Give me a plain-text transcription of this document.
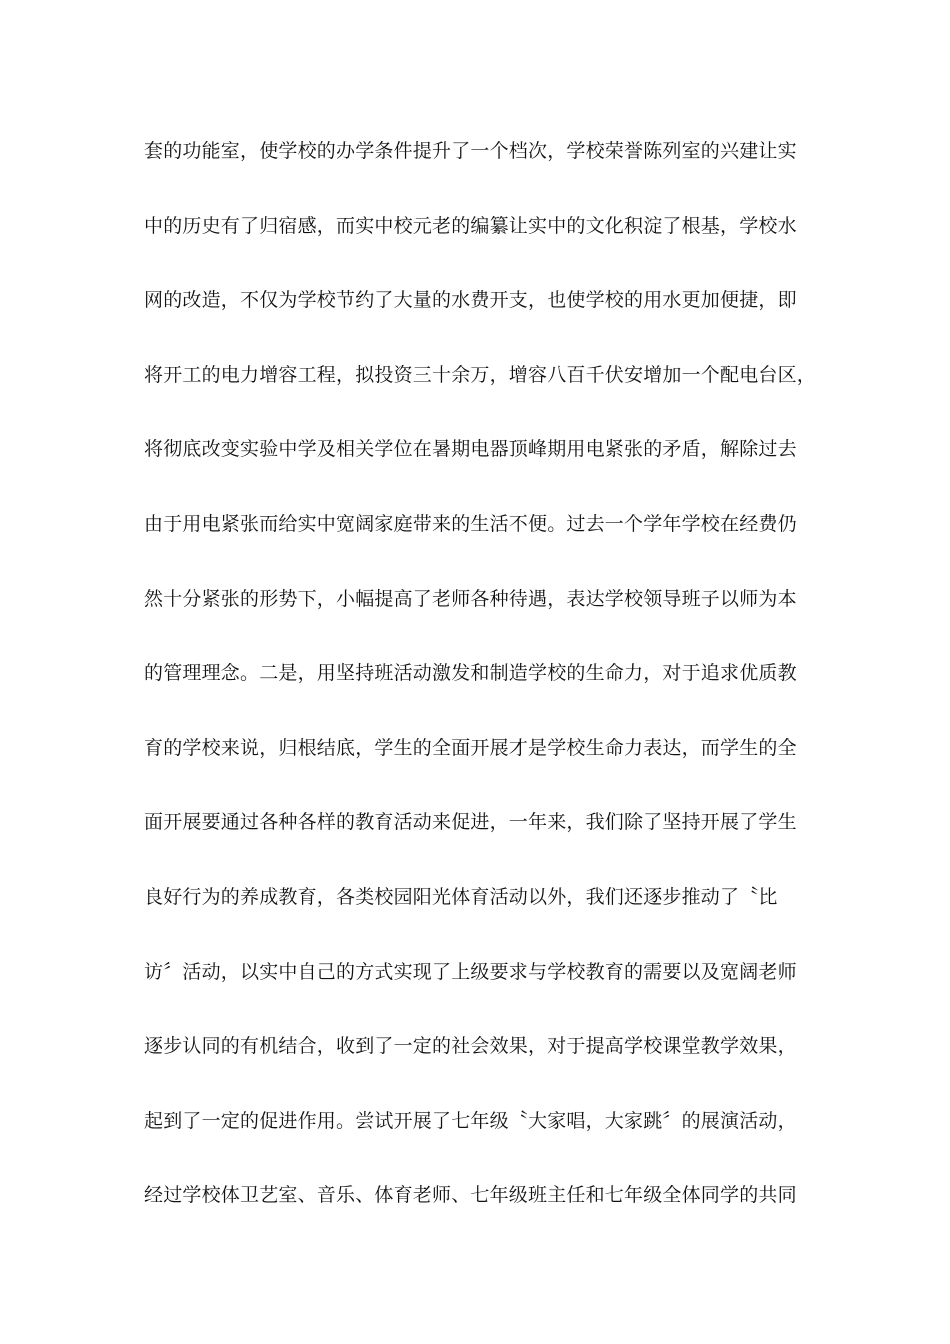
套的功能室，使学校的办学条件提升了一个档次，学校荣誉陈列室的兴建让实
中的历史有了归宿感，而实中校元老的编纂让实中的文化积淀了根基，学校水
网的改造，不仅为学校节约了大量的水费开支，也使学校的用水更加便捷，即
将开工的电力增容工程，拟投资三十余万，增容八百千伏安增加一个配电台区，
将彻底改变实验中学及相关学位在暑期电器顶峰期用电紧张的矛盾，解除过去
由于用电紧张而给实中宽阔家庭带来的生活不便。过去一个学年学校在经费仍
然十分紧张的形势下，小幅提高了老师各种待遇，表达学校领导班子以师为本
的管理理念。二是，用坚持班活动激发和制造学校的生命力，对于追求优质教
育的学校来说，归根结底，学生的全面开展才是学校生命力表达，而学生的全
面开展要通过各种各样的教育活动来促进，一年来，我们除了坚持开展了学生
良好行为的养成教育，各类校园阳光体育活动以外，我们还逐步推动了〝比
访〞活动，以实中自己的方式实现了上级要求与学校教育的需要以及宽阔老师
逐步认同的有机结合，收到了一定的社会效果，对于提高学校课堂教学效果，
起到了一定的促进作用。尝试开展了七年级〝大家唱，大家跳〞的展演活动，
经过学校体卫艺室、音乐、体育老师、七年级班主任和七年级全体同学的共同
